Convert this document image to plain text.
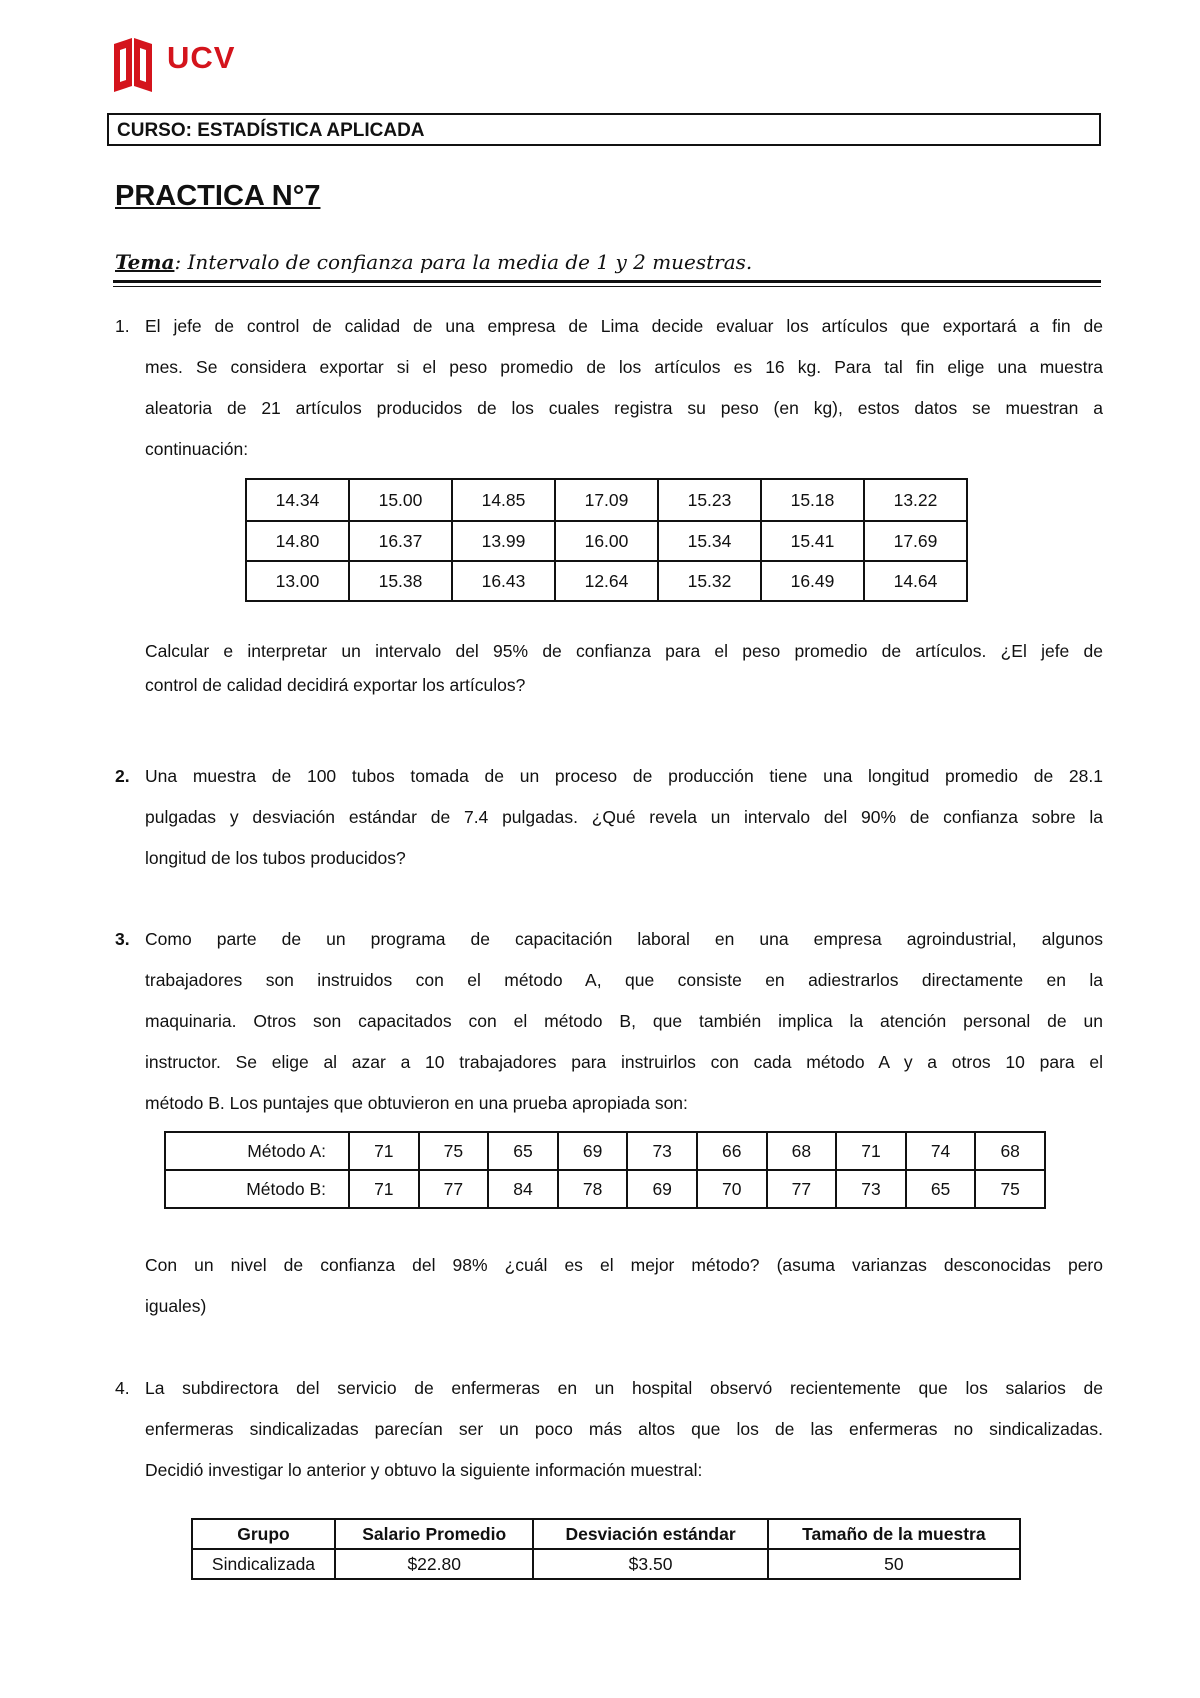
UCV
CURSO: ESTADÍSTICA APLICADA
PRACTICA N°7
Tema: Intervalo de confianza para la media de 1 y 2 muestras.
1. El jefe de control de calidad de una empresa de Lima decide evaluar los artículos que exportará a fin de
mes. Se considera exportar si el peso promedio de los artículos es 16 kg. Para tal fin elige una muestra
aleatoria de 21 artículos producidos de los cuales registra su peso (en kg), estos datos se muestran a
continuación:
14.34	15.00	14.85	17.09	15.23	15.18	13.22
14.80	16.37	13.99	16.00	15.34	15.41	17.69
13.00	15.38	16.43	12.64	15.32	16.49	14.64
Calcular e interpretar un intervalo del 95% de confianza para el peso promedio de artículos. ¿El jefe de
control de calidad decidirá exportar los artículos?
2. Una muestra de 100 tubos tomada de un proceso de producción tiene una longitud promedio de 28.1
pulgadas y desviación estándar de 7.4 pulgadas. ¿Qué revela un intervalo del 90% de confianza sobre la
longitud de los tubos producidos?
3. Como parte de un programa de capacitación laboral en una empresa agroindustrial, algunos
trabajadores son instruidos con el método A, que consiste en adiestrarlos directamente en la
maquinaria. Otros son capacitados con el método B, que también implica la atención personal de un
instructor. Se elige al azar a 10 trabajadores para instruirlos con cada método A y a otros 10 para el
método B. Los puntajes que obtuvieron en una prueba apropiada son:
Método A:	71	75	65	69	73	66	68	71	74	68
Método B:	71	77	84	78	69	70	77	73	65	75
Con un nivel de confianza del 98% ¿cuál es el mejor método? (asuma varianzas desconocidas pero
iguales)
4. La subdirectora del servicio de enfermeras en un hospital observó recientemente que los salarios de
enfermeras sindicalizadas parecían ser un poco más altos que los de las enfermeras no sindicalizadas.
Decidió investigar lo anterior y obtuvo la siguiente información muestral:
Grupo	Salario Promedio	Desviación estándar	Tamaño de la muestra
Sindicalizada	$22.80	$3.50	50
